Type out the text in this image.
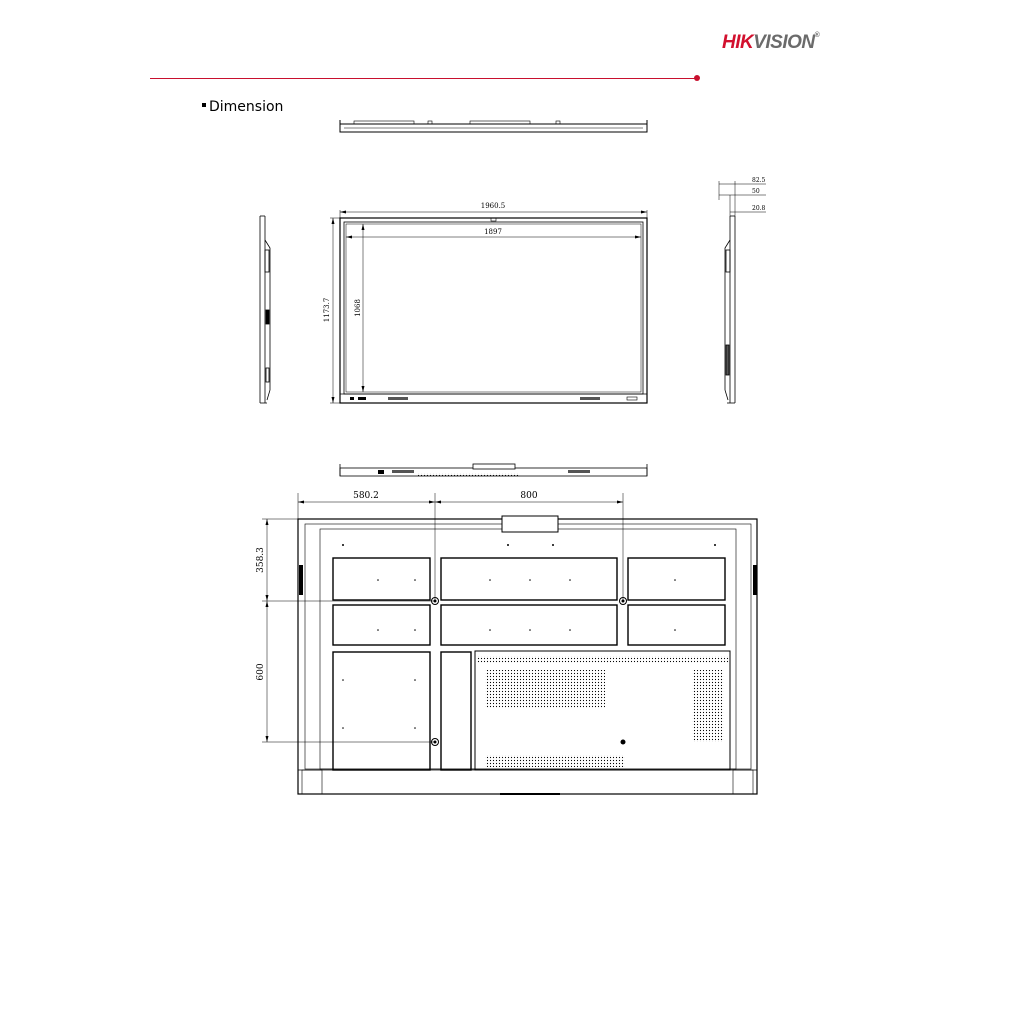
HIKVISION®
Dimension
1960.5
1897
1173.7	1068
82.5
50
20.8
580.2	800
358.3
600
